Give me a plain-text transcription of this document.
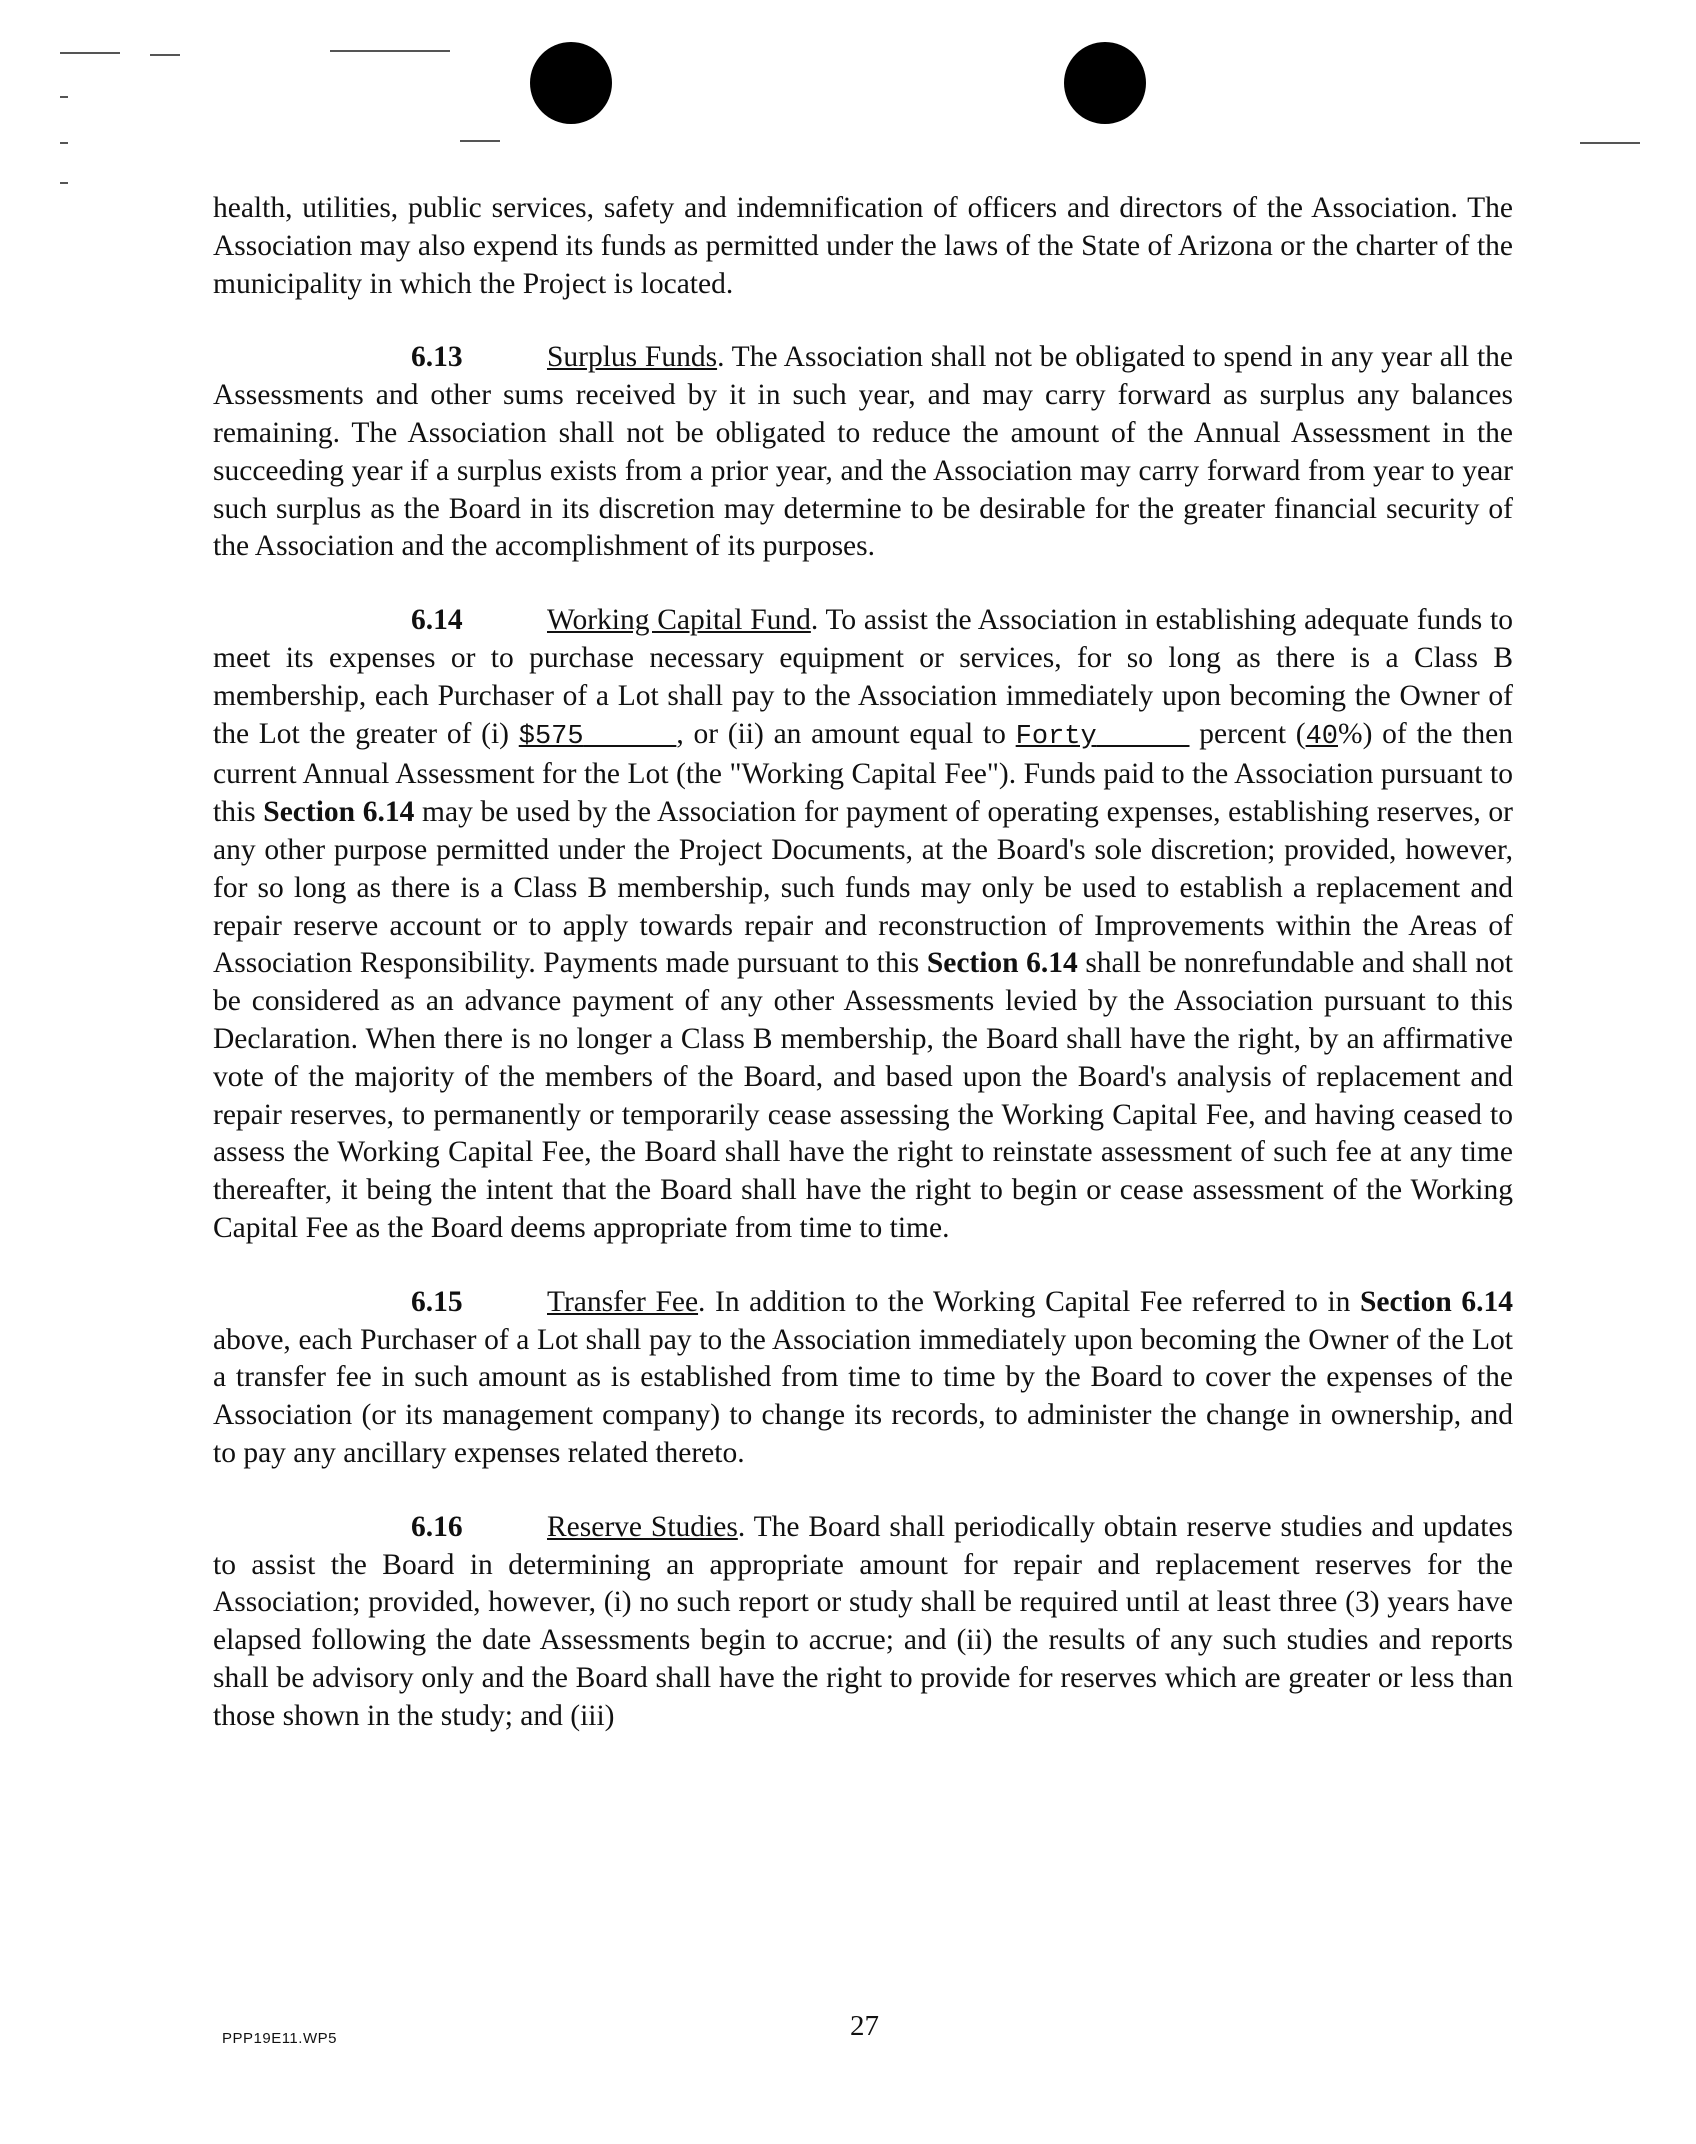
health, utilities, public services, safety and indemnification of officers and directors of the Association. The Association may also expend its funds as permitted under the laws of the State of Arizona or the charter of the municipality in which the Project is located.

6.13	Surplus Funds. The Association shall not be obligated to spend in any year all the Assessments and other sums received by it in such year, and may carry forward as surplus any balances remaining. The Association shall not be obligated to reduce the amount of the Annual Assessment in the succeeding year if a surplus exists from a prior year, and the Association may carry forward from year to year such surplus as the Board in its discretion may determine to be desirable for the greater financial security of the Association and the accomplishment of its purposes.

6.14	Working Capital Fund. To assist the Association in establishing adequate funds to meet its expenses or to purchase necessary equipment or services, for so long as there is a Class B membership, each Purchaser of a Lot shall pay to the Association immediately upon becoming the Owner of the Lot the greater of (i) $575	, or (ii) an amount equal to Forty	percent (40%) of the then current Annual Assessment for the Lot (the "Working Capital Fee"). Funds paid to the Association pursuant to this Section 6.14 may be used by the Association for payment of operating expenses, establishing reserves, or any other purpose permitted under the Project Documents, at the Board's sole discretion; provided, however, for so long as there is a Class B membership, such funds may only be used to establish a replacement and repair reserve account or to apply towards repair and reconstruction of Improvements within the Areas of Association Responsibility. Payments made pursuant to this Section 6.14 shall be nonrefundable and shall not be considered as an advance payment of any other Assessments levied by the Association pursuant to this Declaration. When there is no longer a Class B membership, the Board shall have the right, by an affirmative vote of the majority of the members of the Board, and based upon the Board's analysis of replacement and repair reserves, to permanently or temporarily cease assessing the Working Capital Fee, and having ceased to assess the Working Capital Fee, the Board shall have the right to reinstate assessment of such fee at any time thereafter, it being the intent that the Board shall have the right to begin or cease assessment of the Working Capital Fee as the Board deems appropriate from time to time.

6.15	Transfer Fee. In addition to the Working Capital Fee referred to in Section 6.14 above, each Purchaser of a Lot shall pay to the Association immediately upon becoming the Owner of the Lot a transfer fee in such amount as is established from time to time by the Board to cover the expenses of the Association (or its management company) to change its records, to administer the change in ownership, and to pay any ancillary expenses related thereto.

6.16	Reserve Studies. The Board shall periodically obtain reserve studies and updates to assist the Board in determining an appropriate amount for repair and replacement reserves for the Association; provided, however, (i) no such report or study shall be required until at least three (3) years have elapsed following the date Assessments begin to accrue; and (ii) the results of any such studies and reports shall be advisory only and the Board shall have the right to provide for reserves which are greater or less than those shown in the study; and (iii)

PPP19E11.WP5	27
